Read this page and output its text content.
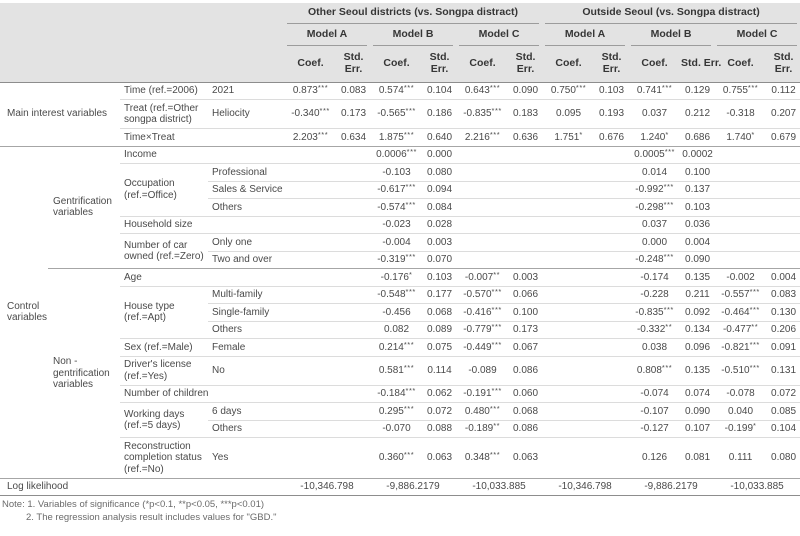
				Other Seoul districts (vs. Songpa distract)						Outside Seoul (vs. Songpa distract)					

				Model A		Model B		Model C		Model A		Model B		Model C	

				Coef.	Std. Err.	Coef.	Std. Err.	Coef.	Std. Err.	Coef.	Std. Err.	Coef.	Std. Err.	Coef.	Std. Err.
Main interest variables		Time (ref.=2006)	2021	0.873***	0.083	0.574***	0.104	0.643***	0.090	0.750***	0.103	0.741***	0.129	0.755***	0.112
		Treat (ref.=Other songpa district)	Heliocity	-0.340***	0.173	-0.565***	0.186	-0.835***	0.183	0.095	0.193	0.037	0.212	-0.318	0.207
		Time×Treat		2.203***	0.634	1.875***	0.640	2.216***	0.636	1.751*	0.676	1.240*	0.686	1.740*	0.679
Control variables	Gentrification variables	Income				0.0006***	0.000					0.0005***	0.0002		
		Occupation (ref.=Office)	Professional			-0.103	0.080					0.014	0.100		
			Sales & Service			-0.617***	0.094					-0.992***	0.137		
			Others			-0.574***	0.084					-0.298***	0.103		
		Household size				-0.023	0.028					0.037	0.036		
		Number of car owned (ref.=Zero)	Only one			-0.004	0.003					0.000	0.004		
			Two and over			-0.319***	0.070					-0.248***	0.090		
	Non -gentrification variables	Age				-0.176*	0.103	-0.007**	0.003			-0.174	0.135	-0.002	0.004
		House type (ref.=Apt)	Multi-family			-0.548***	0.177	-0.570***	0.066			-0.228	0.211	-0.557***	0.083
			Single-family			-0.456	0.068	-0.416***	0.100			-0.835***	0.092	-0.464***	0.130
			Others			0.082	0.089	-0.779***	0.173			-0.332**	0.134	-0.477**	0.206
		Sex (ref.=Male)	Female			0.214***	0.075	-0.449***	0.067			0.038	0.096	-0.821***	0.091
		Driver's license (ref.=Yes)	No			0.581***	0.114	-0.089	0.086			0.808***	0.135	-0.510***	0.131
		Number of children				-0.184***	0.062	-0.191***	0.060			-0.074	0.074	-0.078	0.072
		Working days (ref.=5 days)	6 days			0.295***	0.072	0.480***	0.068			-0.107	0.090	0.040	0.085
			Others			-0.070	0.088	-0.189**	0.086			-0.127	0.107	-0.199*	0.104
		Reconstruction completion status (ref.=No)	Yes			0.360***	0.063	0.348***	0.063			0.126	0.081	0.111	0.080
Log likelihood				-10,346.798		-9,886.2179		-10,033.885		-10,346.798		-9,886.2179		-10,033.885	
Note: 1. Variables of significance (*p<0.1, **p<0.05, ***p<0.01)
2. The regression analysis result includes values for "GBD."
